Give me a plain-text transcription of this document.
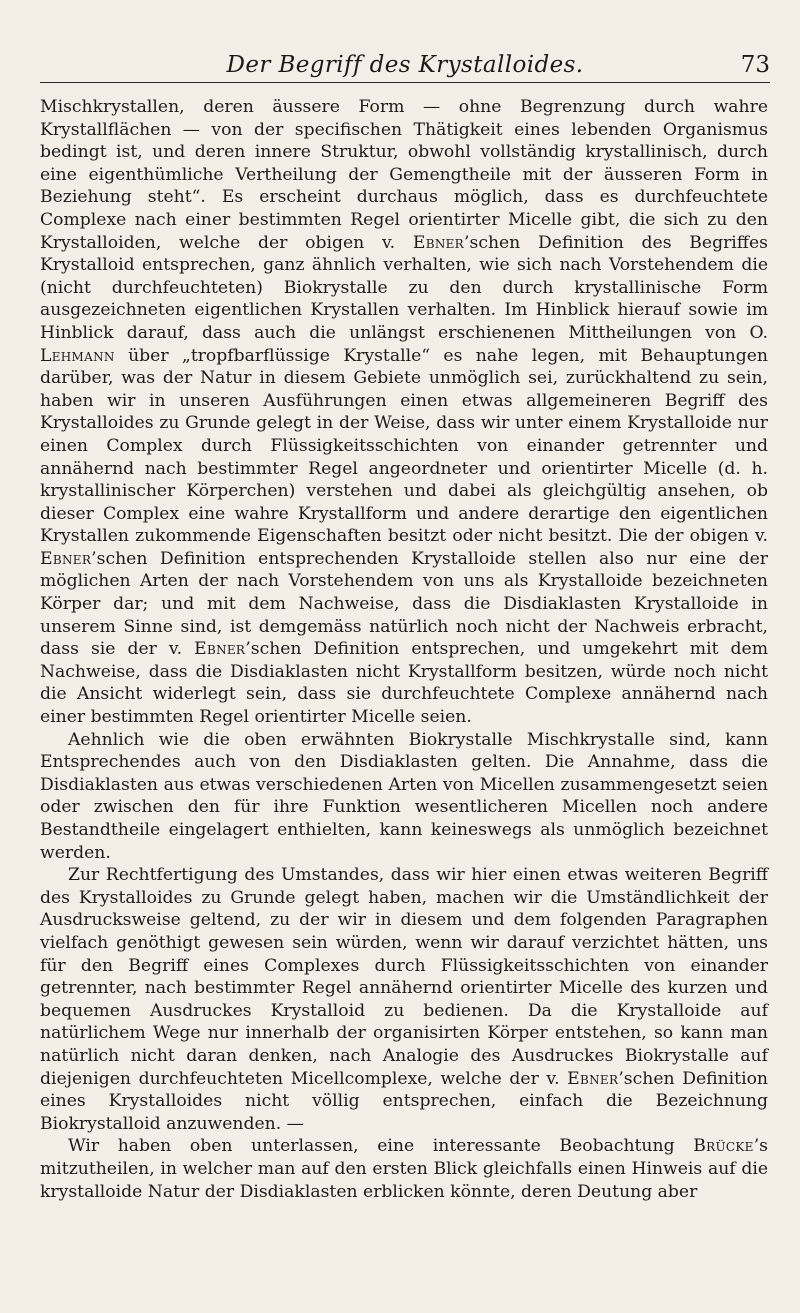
Der Begriff des Krystalloides.	73

Mischkrystallen, deren äussere Form — ohne Begrenzung durch wahre Krystallflächen — von der specifischen Thätigkeit eines lebenden Organismus bedingt ist, und deren innere Struktur, obwohl vollständig krystallinisch, durch eine eigenthümliche Vertheilung der Gemengtheile mit der äusseren Form in Beziehung steht“. Es erscheint durchaus möglich, dass es durchfeuchtete Complexe nach einer bestimmten Regel orientirter Micelle gibt, die sich zu den Krystalloiden, welche der obigen v. Ebner’schen Definition des Begriffes Krystalloid entsprechen, ganz ähnlich verhalten, wie sich nach Vorstehendem die (nicht durchfeuchteten) Biokrystalle zu den durch krystallinische Form ausgezeichneten eigentlichen Krystallen verhalten. Im Hinblick hierauf sowie im Hinblick darauf, dass auch die unlängst erschienenen Mittheilungen von O. Lehmann über „tropfbarflüssige Krystalle“ es nahe legen, mit Behauptungen darüber, was der Natur in diesem Gebiete unmöglich sei, zurückhaltend zu sein, haben wir in unseren Ausführungen einen etwas allgemeineren Begriff des Krystalloides zu Grunde gelegt in der Weise, dass wir unter einem Krystalloide nur einen Complex durch Flüssigkeitsschichten von einander getrennter und annähernd nach bestimmter Regel angeordneter und orientirter Micelle (d. h. krystallinischer Körperchen) verstehen und dabei als gleichgültig ansehen, ob dieser Complex eine wahre Krystallform und andere derartige den eigentlichen Krystallen zukommende Eigenschaften besitzt oder nicht besitzt. Die der obigen v. Ebner’schen Definition entsprechenden Krystalloide stellen also nur eine der möglichen Arten der nach Vorstehendem von uns als Krystalloide bezeichneten Körper dar; und mit dem Nachweise, dass die Disdiaklasten Krystalloide in unserem Sinne sind, ist demgemäss natürlich noch nicht der Nachweis erbracht, dass sie der v. Ebner’schen Definition entsprechen, und umgekehrt mit dem Nachweise, dass die Disdiaklasten nicht Krystallform besitzen, würde noch nicht die Ansicht widerlegt sein, dass sie durchfeuchtete Complexe annähernd nach einer bestimmten Regel orientirter Micelle seien.

Aehnlich wie die oben erwähnten Biokrystalle Mischkrystalle sind, kann Entsprechendes auch von den Disdiaklasten gelten. Die Annahme, dass die Disdiaklasten aus etwas verschiedenen Arten von Micellen zusammengesetzt seien oder zwischen den für ihre Funktion wesentlicheren Micellen noch andere Bestandtheile eingelagert enthielten, kann keineswegs als unmöglich bezeichnet werden.

Zur Rechtfertigung des Umstandes, dass wir hier einen etwas weiteren Begriff des Krystalloides zu Grunde gelegt haben, machen wir die Umständlichkeit der Ausdrucksweise geltend, zu der wir in diesem und dem folgenden Paragraphen vielfach genöthigt gewesen sein würden, wenn wir darauf verzichtet hätten, uns für den Begriff eines Complexes durch Flüssigkeitsschichten von einander getrennter, nach bestimmter Regel annähernd orientirter Micelle des kurzen und bequemen Ausdruckes Krystalloid zu bedienen. Da die Krystalloide auf natürlichem Wege nur innerhalb der organisirten Körper entstehen, so kann man natürlich nicht daran denken, nach Analogie des Ausdruckes Biokrystalle auf diejenigen durchfeuchteten Micellcomplexe, welche der v. Ebner’schen Definition eines Krystalloides nicht völlig entsprechen, einfach die Bezeichnung Biokrystalloid anzuwenden. —

Wir haben oben unterlassen, eine interessante Beobachtung Brücke’s mitzutheilen, in welcher man auf den ersten Blick gleichfalls einen Hinweis auf die krystalloide Natur der Disdiaklasten erblicken könnte, deren Deutung aber
